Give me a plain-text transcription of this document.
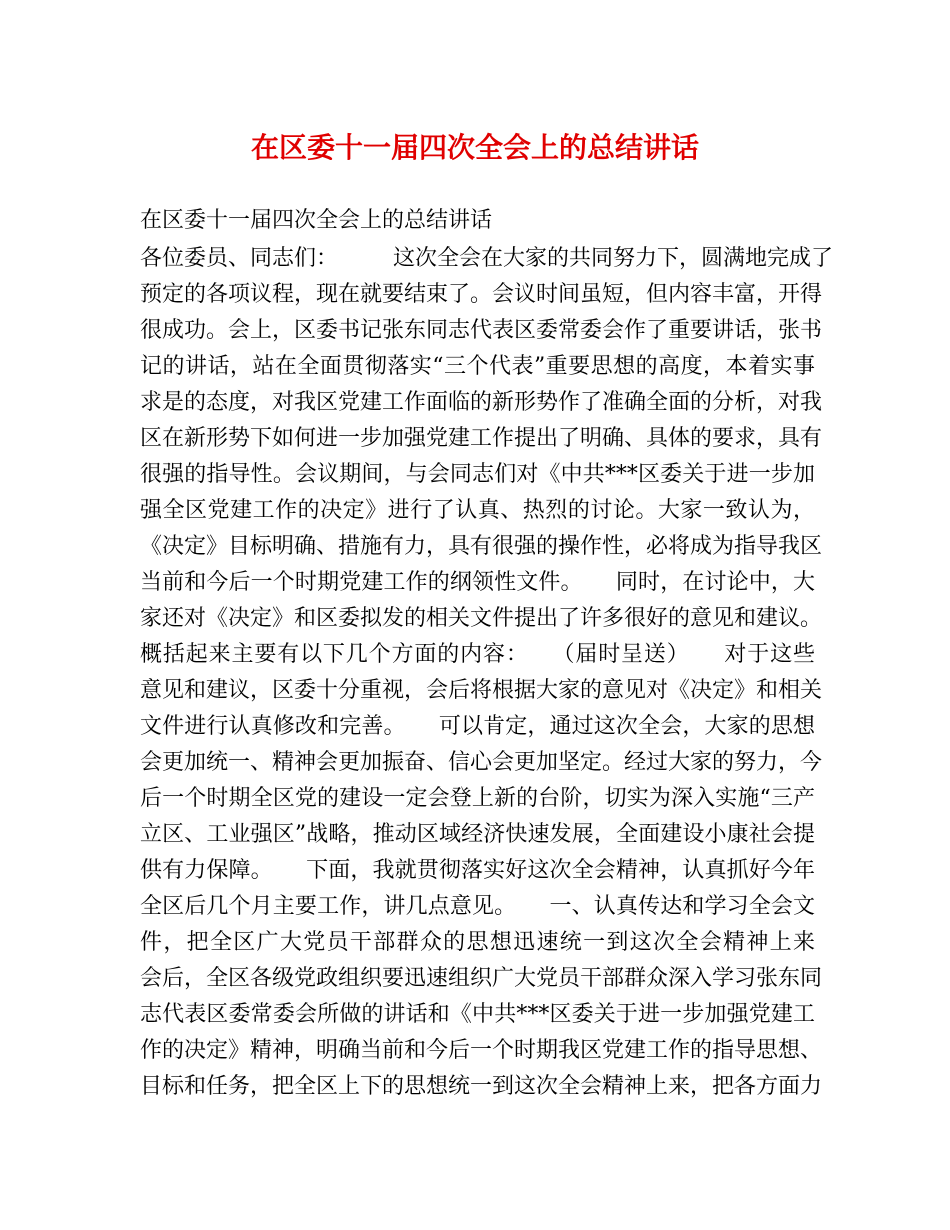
在区委十一届四次全会上的总结讲话

在区委十一届四次全会上的总结讲话

各位委员、同志们：　　　这次全会在大家的共同努力下，圆满地完成了

预定的各项议程，现在就要结束了。会议时间虽短，但内容丰富，开得

很成功。会上，区委书记张东同志代表区委常委会作了重要讲话，张书

记的讲话，站在全面贯彻落实“三个代表”重要思想的高度，本着实事

求是的态度，对我区党建工作面临的新形势作了准确全面的分析，对我

区在新形势下如何进一步加强党建工作提出了明确、具体的要求，具有

很强的指导性。会议期间，与会同志们对《中共***区委关于进一步加

强全区党建工作的决定》进行了认真、热烈的讨论。大家一致认为，

《决定》目标明确、措施有力，具有很强的操作性，必将成为指导我区

当前和今后一个时期党建工作的纲领性文件。　　同时，在讨论中，大

家还对《决定》和区委拟发的相关文件提出了许多很好的意见和建议。

概括起来主要有以下几个方面的内容：　　（届时呈送）　　对于这些

意见和建议，区委十分重视，会后将根据大家的意见对《决定》和相关

文件进行认真修改和完善。　　可以肯定，通过这次全会，大家的思想

会更加统一、精神会更加振奋、信心会更加坚定。经过大家的努力，今

后一个时期全区党的建设一定会登上新的台阶，切实为深入实施“三产

立区、工业强区”战略，推动区域经济快速发展，全面建设小康社会提

供有力保障。　　下面，我就贯彻落实好这次全会精神，认真抓好今年

全区后几个月主要工作，讲几点意见。　　一、认真传达和学习全会文

件，把全区广大党员干部群众的思想迅速统一到这次全会精神上来

会后，全区各级党政组织要迅速组织广大党员干部群众深入学习张东同

志代表区委常委会所做的讲话和《中共***区委关于进一步加强党建工

作的决定》精神，明确当前和今后一个时期我区党建工作的指导思想、

目标和任务，把全区上下的思想统一到这次全会精神上来，把各方面力
